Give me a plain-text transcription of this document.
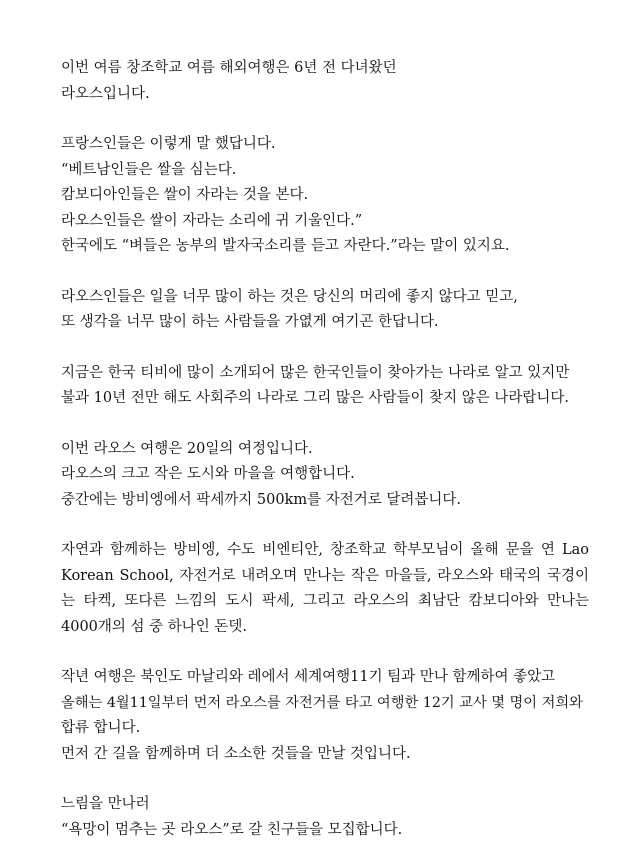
이번 여름 창조학교 여름 해외여행은 6년 전 다녀왔던
라오스입니다.
프랑스인들은 이렇게 말 했답니다.
“베트남인들은 쌀을 심는다.
캄보디아인들은 쌀이 자라는 것을 본다.
라오스인들은 쌀이 자라는 소리에 귀 기울인다.”
한국에도 “벼들은 농부의 발자국소리를 듣고 자란다.”라는 말이 있지요.
라오스인들은 일을 너무 많이 하는 것은 당신의 머리에 좋지 않다고 믿고,
또 생각을 너무 많이 하는 사람들을 가엾게 여기곤 한답니다.
지금은 한국 티비에 많이 소개되어 많은 한국인들이 찾아가는 나라로 알고 있지만
불과 10년 전만 해도 사회주의 나라로 그리 많은 사람들이 찾지 않은 나라랍니다.
이번 라오스 여행은 20일의 여정입니다.
라오스의 크고 작은 도시와 마을을 여행합니다.
중간에는 방비엥에서 팍세까지 500km를 자전거로 달려봅니다.
자연과 함께하는 방비엥, 수도 비엔티안, 창조학교 학부모님이 올해 문을 연 Lao
Korean School, 자전거로 내려오며 만나는 작은 마을들, 라오스와 태국의 국경이
는 타켁, 또다른 느낌의 도시 팍세, 그리고 라오스의 최남단 캄보디아와 만나는
4000개의 섬 중 하나인 돈뎃.
작년 여행은 북인도 마날리와 레에서 세계여행11기 팀과 만나 함께하여 좋았고
올해는 4월11일부터 먼저 라오스를 자전거를 타고 여행한 12기 교사 몇 명이 저희와
합류 합니다.
먼저 간 길을 함께하며 더 소소한 것들을 만날 것입니다.
느림을 만나러
“욕망이 멈추는 곳 라오스”로 갈 친구들을 모집합니다.
